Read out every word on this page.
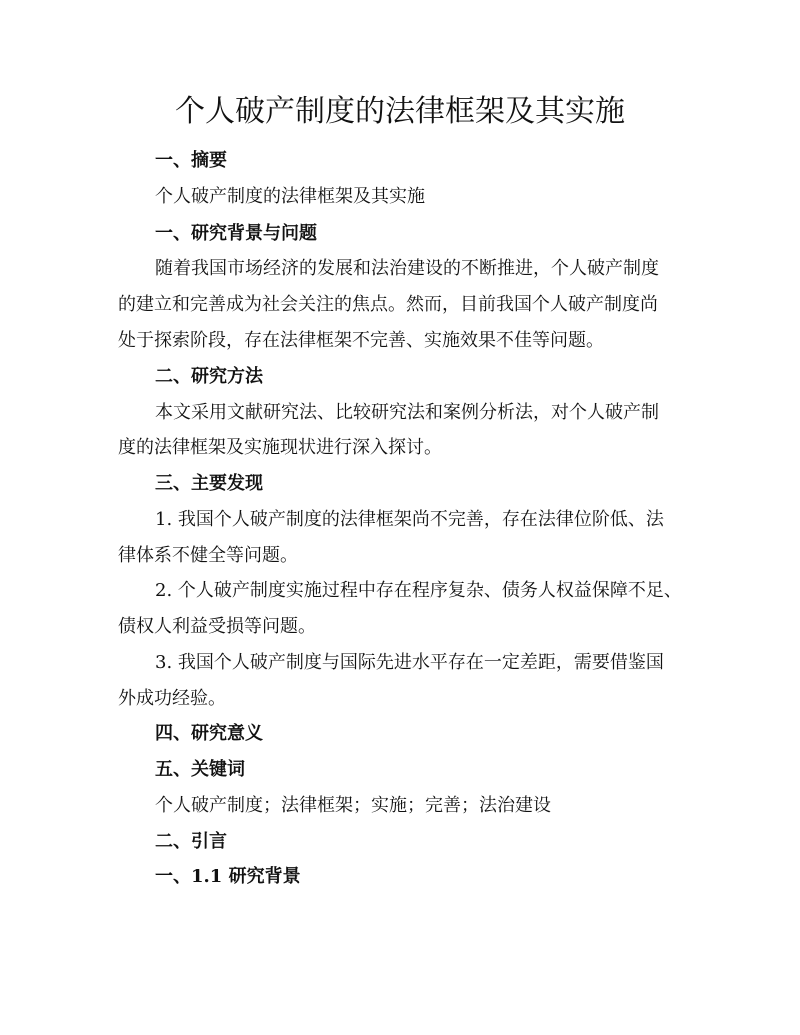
个人破产制度的法律框架及其实施

一、摘要

个人破产制度的法律框架及其实施

一、研究背景与问题

随着我国市场经济的发展和法治建设的不断推进，个人破产制度

的建立和完善成为社会关注的焦点。然而，目前我国个人破产制度尚

处于探索阶段，存在法律框架不完善、实施效果不佳等问题。

二、研究方法

本文采用文献研究法、比较研究法和案例分析法，对个人破产制

度的法律框架及实施现状进行深入探讨。

三、主要发现

1. 我国个人破产制度的法律框架尚不完善，存在法律位阶低、法

律体系不健全等问题。

2. 个人破产制度实施过程中存在程序复杂、债务人权益保障不足、

债权人利益受损等问题。

3. 我国个人破产制度与国际先进水平存在一定差距，需要借鉴国

外成功经验。

四、研究意义

五、关键词

个人破产制度；法律框架；实施；完善；法治建设

二、引言

一、1.1 研究背景
